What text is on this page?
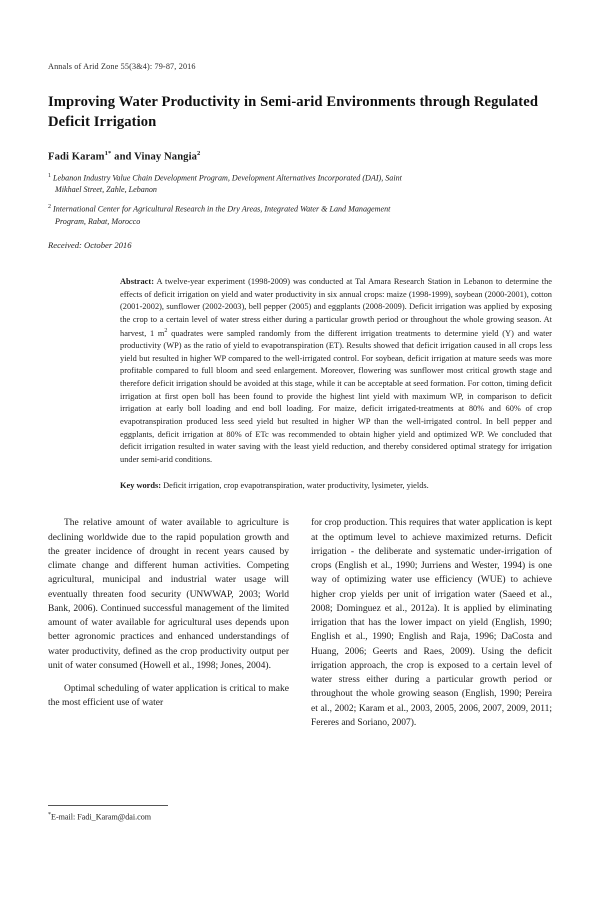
Annals of Arid Zone 55(3&4): 79-87, 2016
Improving Water Productivity in Semi-arid Environments through Regulated Deficit Irrigation
Fadi Karam$^{1*}$ and Vinay Nangia$^2$
$^1$ Lebanon Industry Value Chain Development Program, Development Alternatives Incorporated (DAI), Saint
Mikhael Street, Zahle, Lebanon
$^2$ International Center for Agricultural Research in the Dry Areas, Integrated Water & Land Management
Program, Rabat, Morocco
Received: October 2016
Abstract: A twelve-year experiment (1998-2009) was conducted at Tal Amara Research Station in Lebanon to determine the effects of deficit irrigation on yield and water productivity in six annual crops: maize (1998-1999), soybean (2000-2001), cotton (2001-2002), sunflower (2002-2003), bell pepper (2005) and eggplants (2008-2009). Deficit irrigation was applied by exposing the crop to a certain level of water stress either during a particular growth period or throughout the whole growing season. At harvest, 1 $m^2$ quadrates were sampled randomly from the different irrigation treatments to determine yield (Y) and water productivity (WP) as the ratio of yield to evapotranspiration (ET). Results showed that deficit irrigation caused in all crops less yield but resulted in higher WP compared to the well-irrigated control. For soybean, deficit irrigation at mature seeds was more profitable compared to full bloom and seed enlargement. Moreover, flowering was sunflower most critical growth stage and therefore deficit irrigation should be avoided at this stage, while it can be acceptable at seed formation. For cotton, timing deficit irrigation at first open boll has been found to provide the highest lint yield with maximum WP, in comparison to deficit irrigation at early boll loading and end boll loading. For maize, deficit irrigated-treatments at 80% and 60% of crop evapotranspiration produced less seed yield but resulted in higher WP than the well-irrigated control. In bell pepper and eggplants, deficit irrigation at 80% of ETc was recommended to obtain higher yield and optimized WP. We concluded that deficit irrigation resulted in water saving with the least yield reduction, and thereby considered optimal strategy for irrigation under semi-arid conditions.
Key words: Deficit irrigation, crop evapotranspiration, water productivity, lysimeter, yields.

The relative amount of water available to agriculture is declining worldwide due to the rapid population growth and the greater incidence of drought in recent years caused by climate change and different human activities. Competing agricultural, municipal and industrial water usage will eventually threaten food security (UNWWAP, 2003; World Bank, 2006). Continued successful management of the limited amount of water available for agricultural uses depends upon better agronomic practices and enhanced understandings of water productivity, defined as the crop productivity output per unit of water consumed (Howell et al., 1998; Jones, 2004).

Optimal scheduling of water application is critical to make the most efficient use of water

for crop production. This requires that water application is kept at the optimum level to achieve maximized returns. Deficit irrigation - the deliberate and systematic under-irrigation of crops (English et al., 1990; Jurriens and Wester, 1994) is one way of optimizing water use efficiency (WUE) to achieve higher crop yields per unit of irrigation water (Saeed et al., 2008; Dominguez et al., 2012a). It is applied by eliminating irrigation that has the lower impact on yield (English, 1990; English et al., 1990; English and Raja, 1996; DaCosta and Huang, 2006; Geerts and Raes, 2009). Using the deficit irrigation approach, the crop is exposed to a certain level of water stress either during a particular growth period or throughout the whole growing season (English, 1990; Pereira et al., 2002; Karam et al., 2003, 2005, 2006, 2007, 2009, 2011; Fereres and Soriano, 2007).

*E-mail: Fadi_Karam@dai.com
